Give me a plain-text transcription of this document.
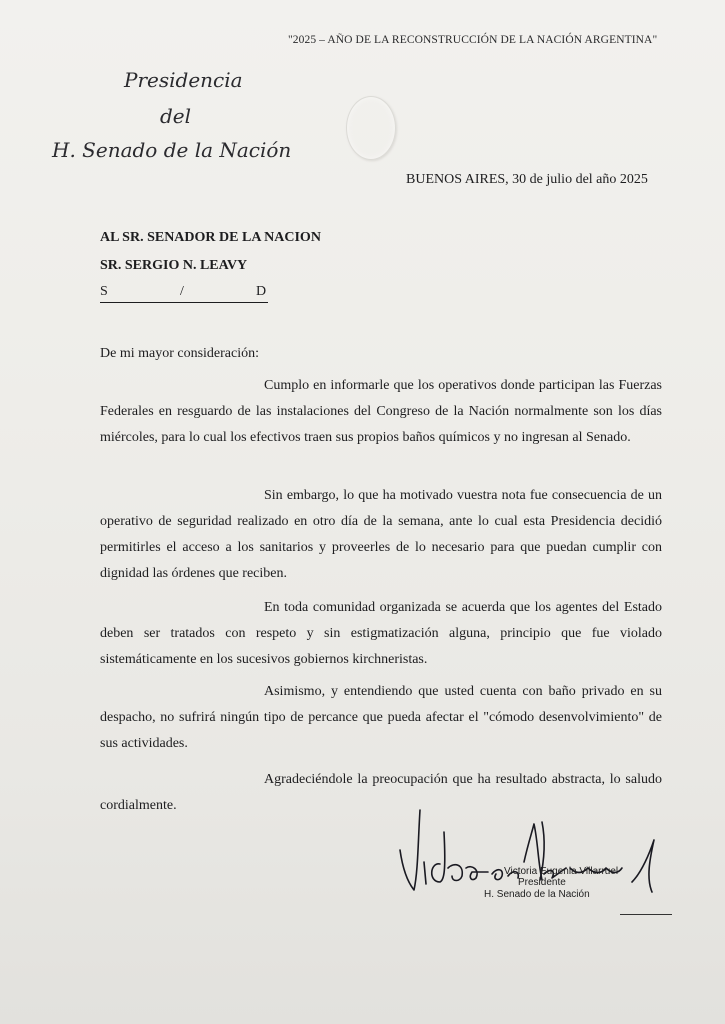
"2025 – AÑO DE LA RECONSTRUCCIÓN DE LA NACIÓN ARGENTINA"
Presidencia
del
H. Senado de la Nación
BUENOS AIRES, 30 de julio del año 2025
AL SR. SENADOR DE LA NACION
SR. SERGIO N. LEAVY
S	/	D
De mi mayor consideración:
Cumplo en informarle que los operativos donde participan las Fuerzas Federales en resguardo de las instalaciones del Congreso de la Nación normalmente son los días miércoles, para lo cual los efectivos traen sus propios baños químicos y no ingresan al Senado.
Sin embargo, lo que ha motivado vuestra nota fue consecuencia de un operativo de seguridad realizado en otro día de la semana, ante lo cual esta Presidencia decidió permitirles el acceso a los sanitarios y proveerles de lo necesario para que puedan cumplir con dignidad las órdenes que reciben.
En toda comunidad organizada se acuerda que los agentes del Estado deben ser tratados con respeto y sin estigmatización alguna, principio que fue violado sistemáticamente en los sucesivos gobiernos kirchneristas.
Asimismo, y entendiendo que usted cuenta con baño privado en su despacho, no sufrirá ningún tipo de percance que pueda afectar el "cómodo desenvolvimiento" de sus actividades.
Agradeciéndole la preocupación que ha resultado abstracta, lo saludo cordialmente.
Victoria Eugenia Villarruel
Presidente
H. Senado de la Nación
